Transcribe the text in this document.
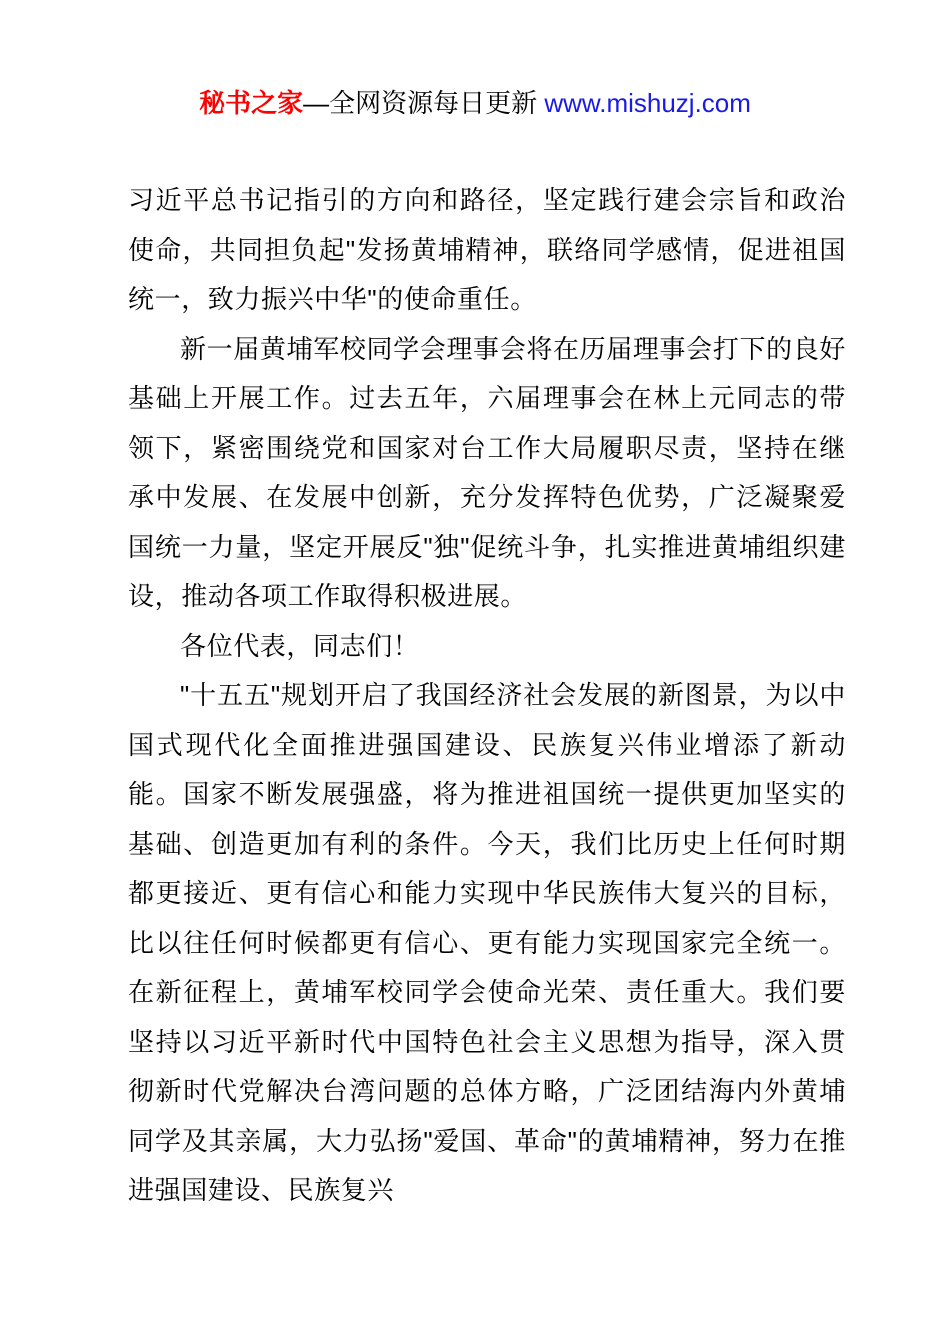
秘书之家—全网资源每日更新 www.mishuzj.com

习近平总书记指引的方向和路径，坚定践行建会宗旨和政治使命，共同担负起"发扬黄埔精神，联络同学感情，促进祖国统一，致力振兴中华"的使命重任。

新一届黄埔军校同学会理事会将在历届理事会打下的良好基础上开展工作。过去五年，六届理事会在林上元同志的带领下，紧密围绕党和国家对台工作大局履职尽责，坚持在继承中发展、在发展中创新，充分发挥特色优势，广泛凝聚爱国统一力量，坚定开展反"独"促统斗争，扎实推进黄埔组织建设，推动各项工作取得积极进展。

各位代表，同志们！

"十五五"规划开启了我国经济社会发展的新图景，为以中国式现代化全面推进强国建设、民族复兴伟业增添了新动能。国家不断发展强盛，将为推进祖国统一提供更加坚实的基础、创造更加有利的条件。今天，我们比历史上任何时期都更接近、更有信心和能力实现中华民族伟大复兴的目标，比以往任何时候都更有信心、更有能力实现国家完全统一。在新征程上，黄埔军校同学会使命光荣、责任重大。我们要坚持以习近平新时代中国特色社会主义思想为指导，深入贯彻新时代党解决台湾问题的总体方略，广泛团结海内外黄埔同学及其亲属，大力弘扬"爱国、革命"的黄埔精神，努力在推进强国建设、民族复兴
